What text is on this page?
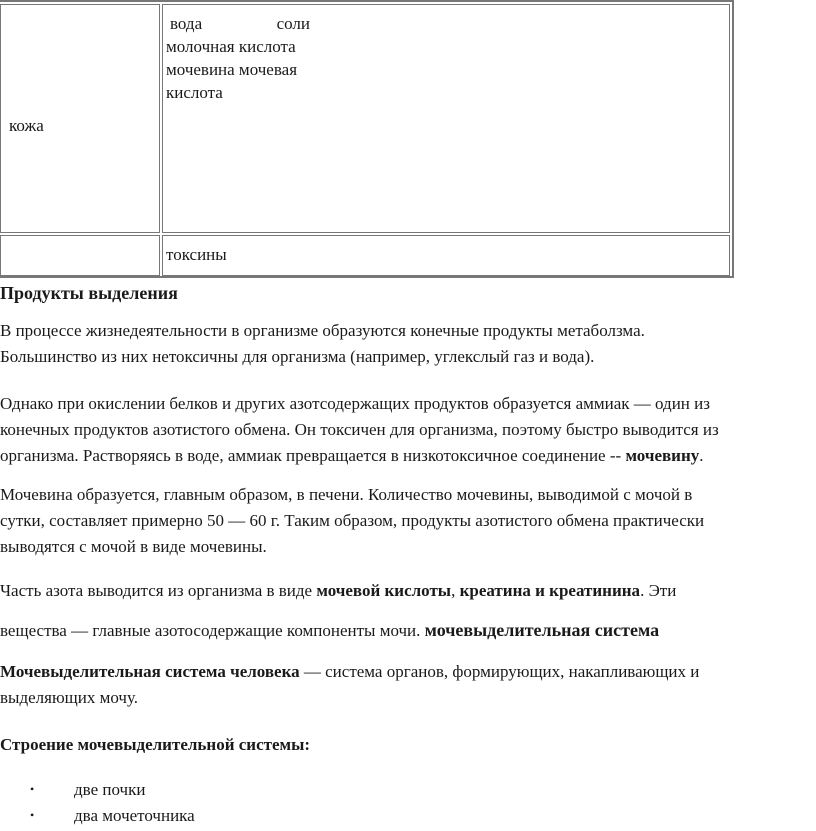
кожа
вода	соли
молочная кислота
мочевина мочевая
кислота
токсины
Продукты выделения
В процессе жизнедеятельности в организме образуются конечные продукты метаболзма.
Большинство из них нетоксичны для организма (например, углекслый газ и вода).
Однако при окислении белков и других азотсодержащих продуктов образуется аммиак — один из
конечных продуктов азотистого обмена. Он токсичен для организма, поэтому быстро выводится из
организма. Растворяясь в воде, аммиак превращается в низкотоксичное соединение -- мочевину.
Мочевина образуется, главным образом, в печени. Количество мочевины, выводимой с мочой в
сутки, составляет примерно 50 — 60 г. Таким образом, продукты азотистого обмена практически
выводятся с мочой в виде мочевины.
Часть азота выводится из организма в виде мочевой кислоты, креатина и креатинина. Эти
вещества — главные азотосодержащие компоненты мочи. мочевыделительная система
Мочевыделительная система человека — система органов, формирующих, накапливающих и
выделяющих мочу.
Строение мочевыделительной системы:
• две почки
• два мочеточника
